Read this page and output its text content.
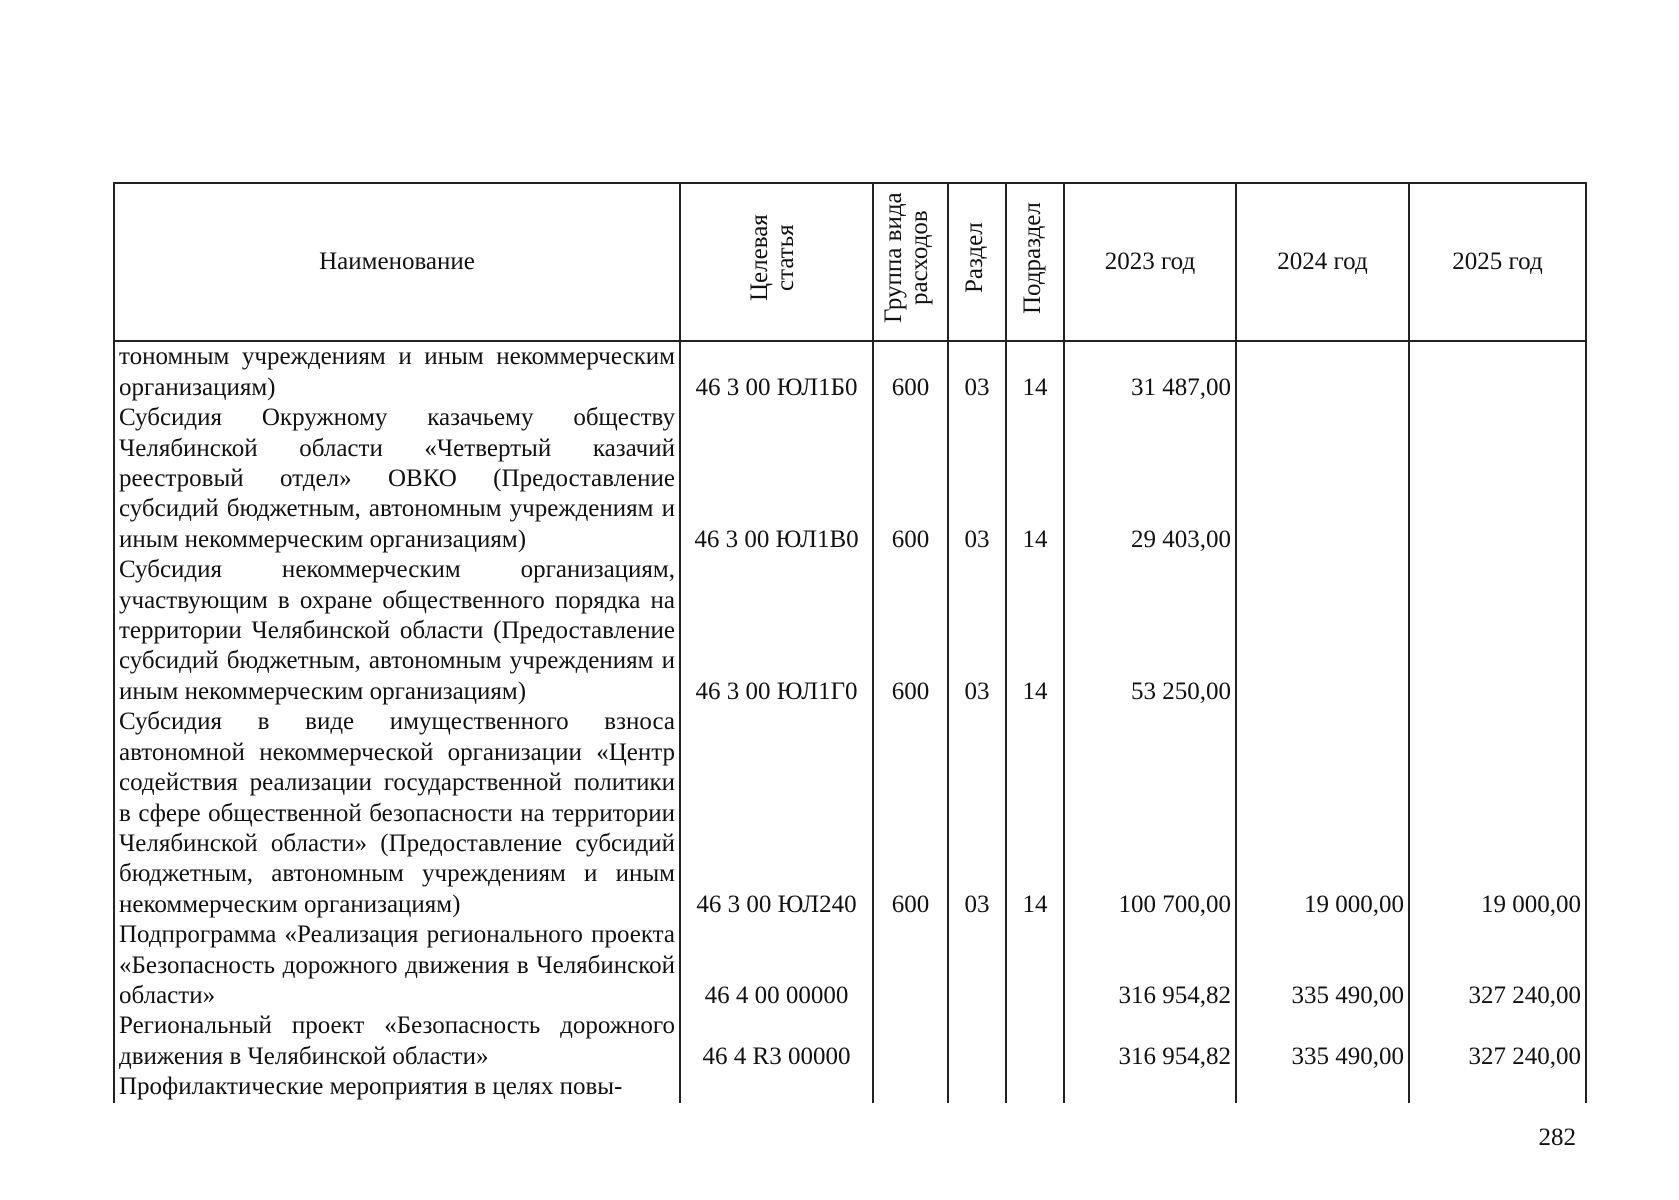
Наименование	Целевая статья	Группа вида расходов	Раздел	Подраздел	2023 год	2024 год	2025 год
тономным учреждениям и иным некоммерческим организациям)	46 3 00 ЮЛ1Б0	600	03	14	31 487,00		
Субсидия Окружному казачьему обществу Челябинской области «Четвертый казачий реестровый отдел» ОВКО (Предоставление субсидий бюджетным, автономным учреждениям и иным некоммерческим организациям)	46 3 00 ЮЛ1В0	600	03	14	29 403,00		
Субсидия некоммерческим организациям, участвующим в охране общественного порядка на территории Челябинской области (Предоставление субсидий бюджетным, автономным учреждениям и иным некоммерческим организациям)	46 3 00 ЮЛ1Г0	600	03	14	53 250,00		
Субсидия в виде имущественного взноса автономной некоммерческой организации «Центр содействия реализации государственной политики в сфере общественной безопасности на территории Челябинской области» (Предоставление субсидий бюджетным, автономным учреждениям и иным некоммерческим организациям)	46 3 00 ЮЛ240	600	03	14	100 700,00	19 000,00	19 000,00
Подпрограмма «Реализация регионального проекта «Безопасность дорожного движения в Челябинской области»	46 4 00 00000				316 954,82	335 490,00	327 240,00
Региональный проект «Безопасность дорожного движения в Челябинской области»	46 4 R3 00000				316 954,82	335 490,00	327 240,00
Профилактические мероприятия в целях повы-							
282
